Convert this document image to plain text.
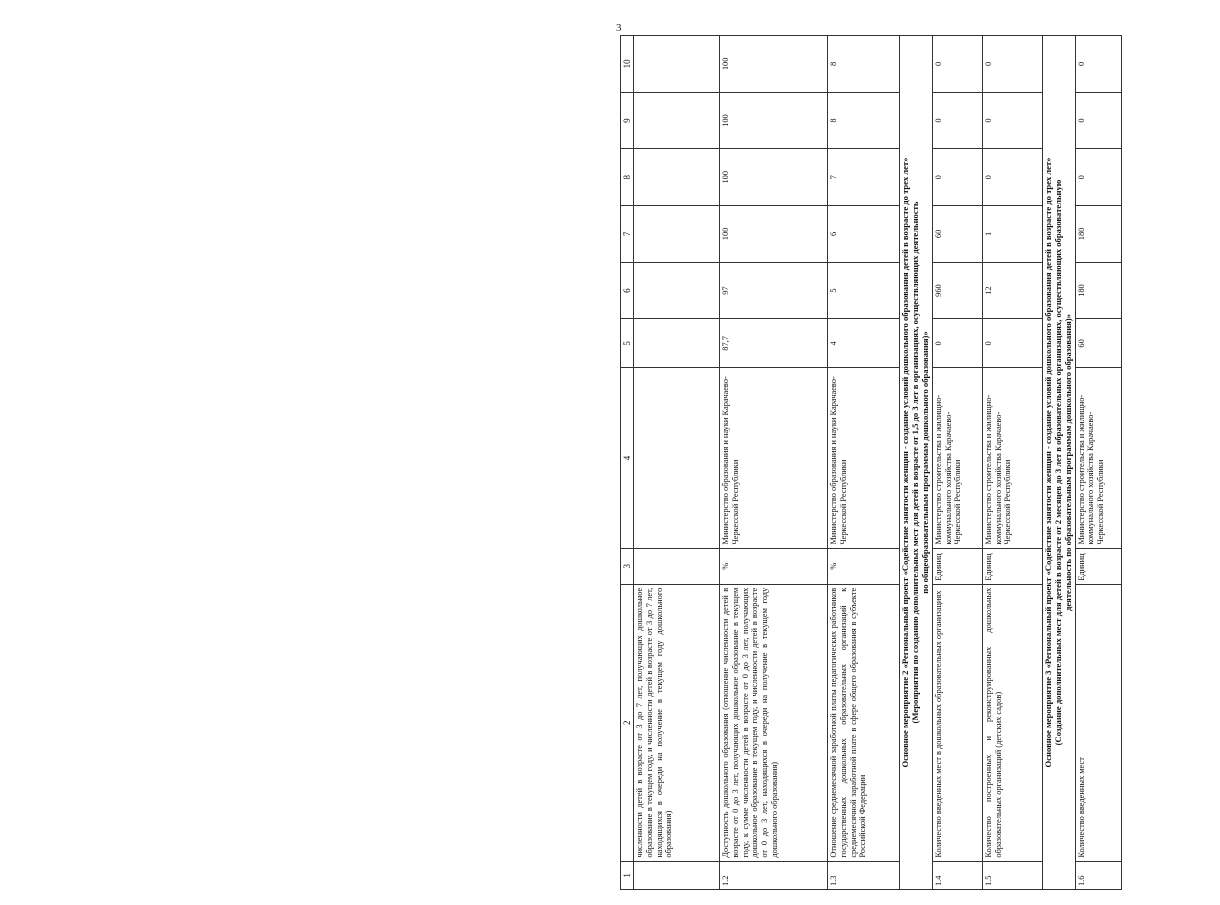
3
1	2	3	4	5	6	7	8	9	10
	численности детей в возрасте от 3 до 7 лет, получающих дошкольное образование в текущем году, и численности детей в возрасте от 3 до 7 лет, находящихся в очереди на получение в текущем году дошкольного образования)								
1.2	Доступность дошкольного образования (отношение численности детей в возрасте от 0 до 3 лет, получающих дошкольное образование в текущем году, к сумме численности детей в возрасте от 0 до 3 лет, получающих дошкольное образование в текущем году, и численности детей в возрасте от 0 до 3 лет, находящихся в очереди на получение в текущем году дошкольного образования)	%	Министерство образования и науки Карачаево-Черкесской Республики	87,7	97	100	100	100	100
1.3	Отношение среднемесячной заработной платы педагогических работников государственных дошкольных образовательных организаций к среднемесячной заработной плате в сфере общего образования в субъекте Российской Федерации	%	Министерство образования и науки Карачаево-Черкесской Республики	4	5	6	7	8	8

Основное мероприятие 2 «Региональный проект «Содействие занятости женщин - создание условий дошкольного образования детей в возрасте до трех лет» (Мероприятия по созданию дополнительных мест для детей в возрасте от 1,5 до 3 лет в организациях, осуществляющих деятельность по общеобразовательным программам дошкольного образования)»									

1.4	Количество введенных мест в дошкольных образовательных организациях	Единиц	Министерство строительства и жилищно-коммунального хозяйства Карачаево-Черкесской Республики	0	960	60	0	0	0
1.5	Количество построенных и реконструированных дошкольных образовательных организаций (детских садов)	Единиц	Министерство строительства и жилищно-коммунального хозяйства Карачаево-Черкесской Республики	0	12	1	0	0	0

Основное мероприятие 3 «Региональный проект «Содействие занятости женщин - создание условий дошкольного образования детей в возрасте до трех лет» (Создание дополнительных мест для детей в возрасте от 2 месяцев до 3 лет в образовательных организациях, осуществляющих образовательную деятельность по образовательным программам дошкольного образования)»									

1.6	Количество введенных мест	Единиц	Министерство строительства и жилищно-коммунального хозяйства Карачаево-Черкесской Республики	60	180	180	0	0	0
